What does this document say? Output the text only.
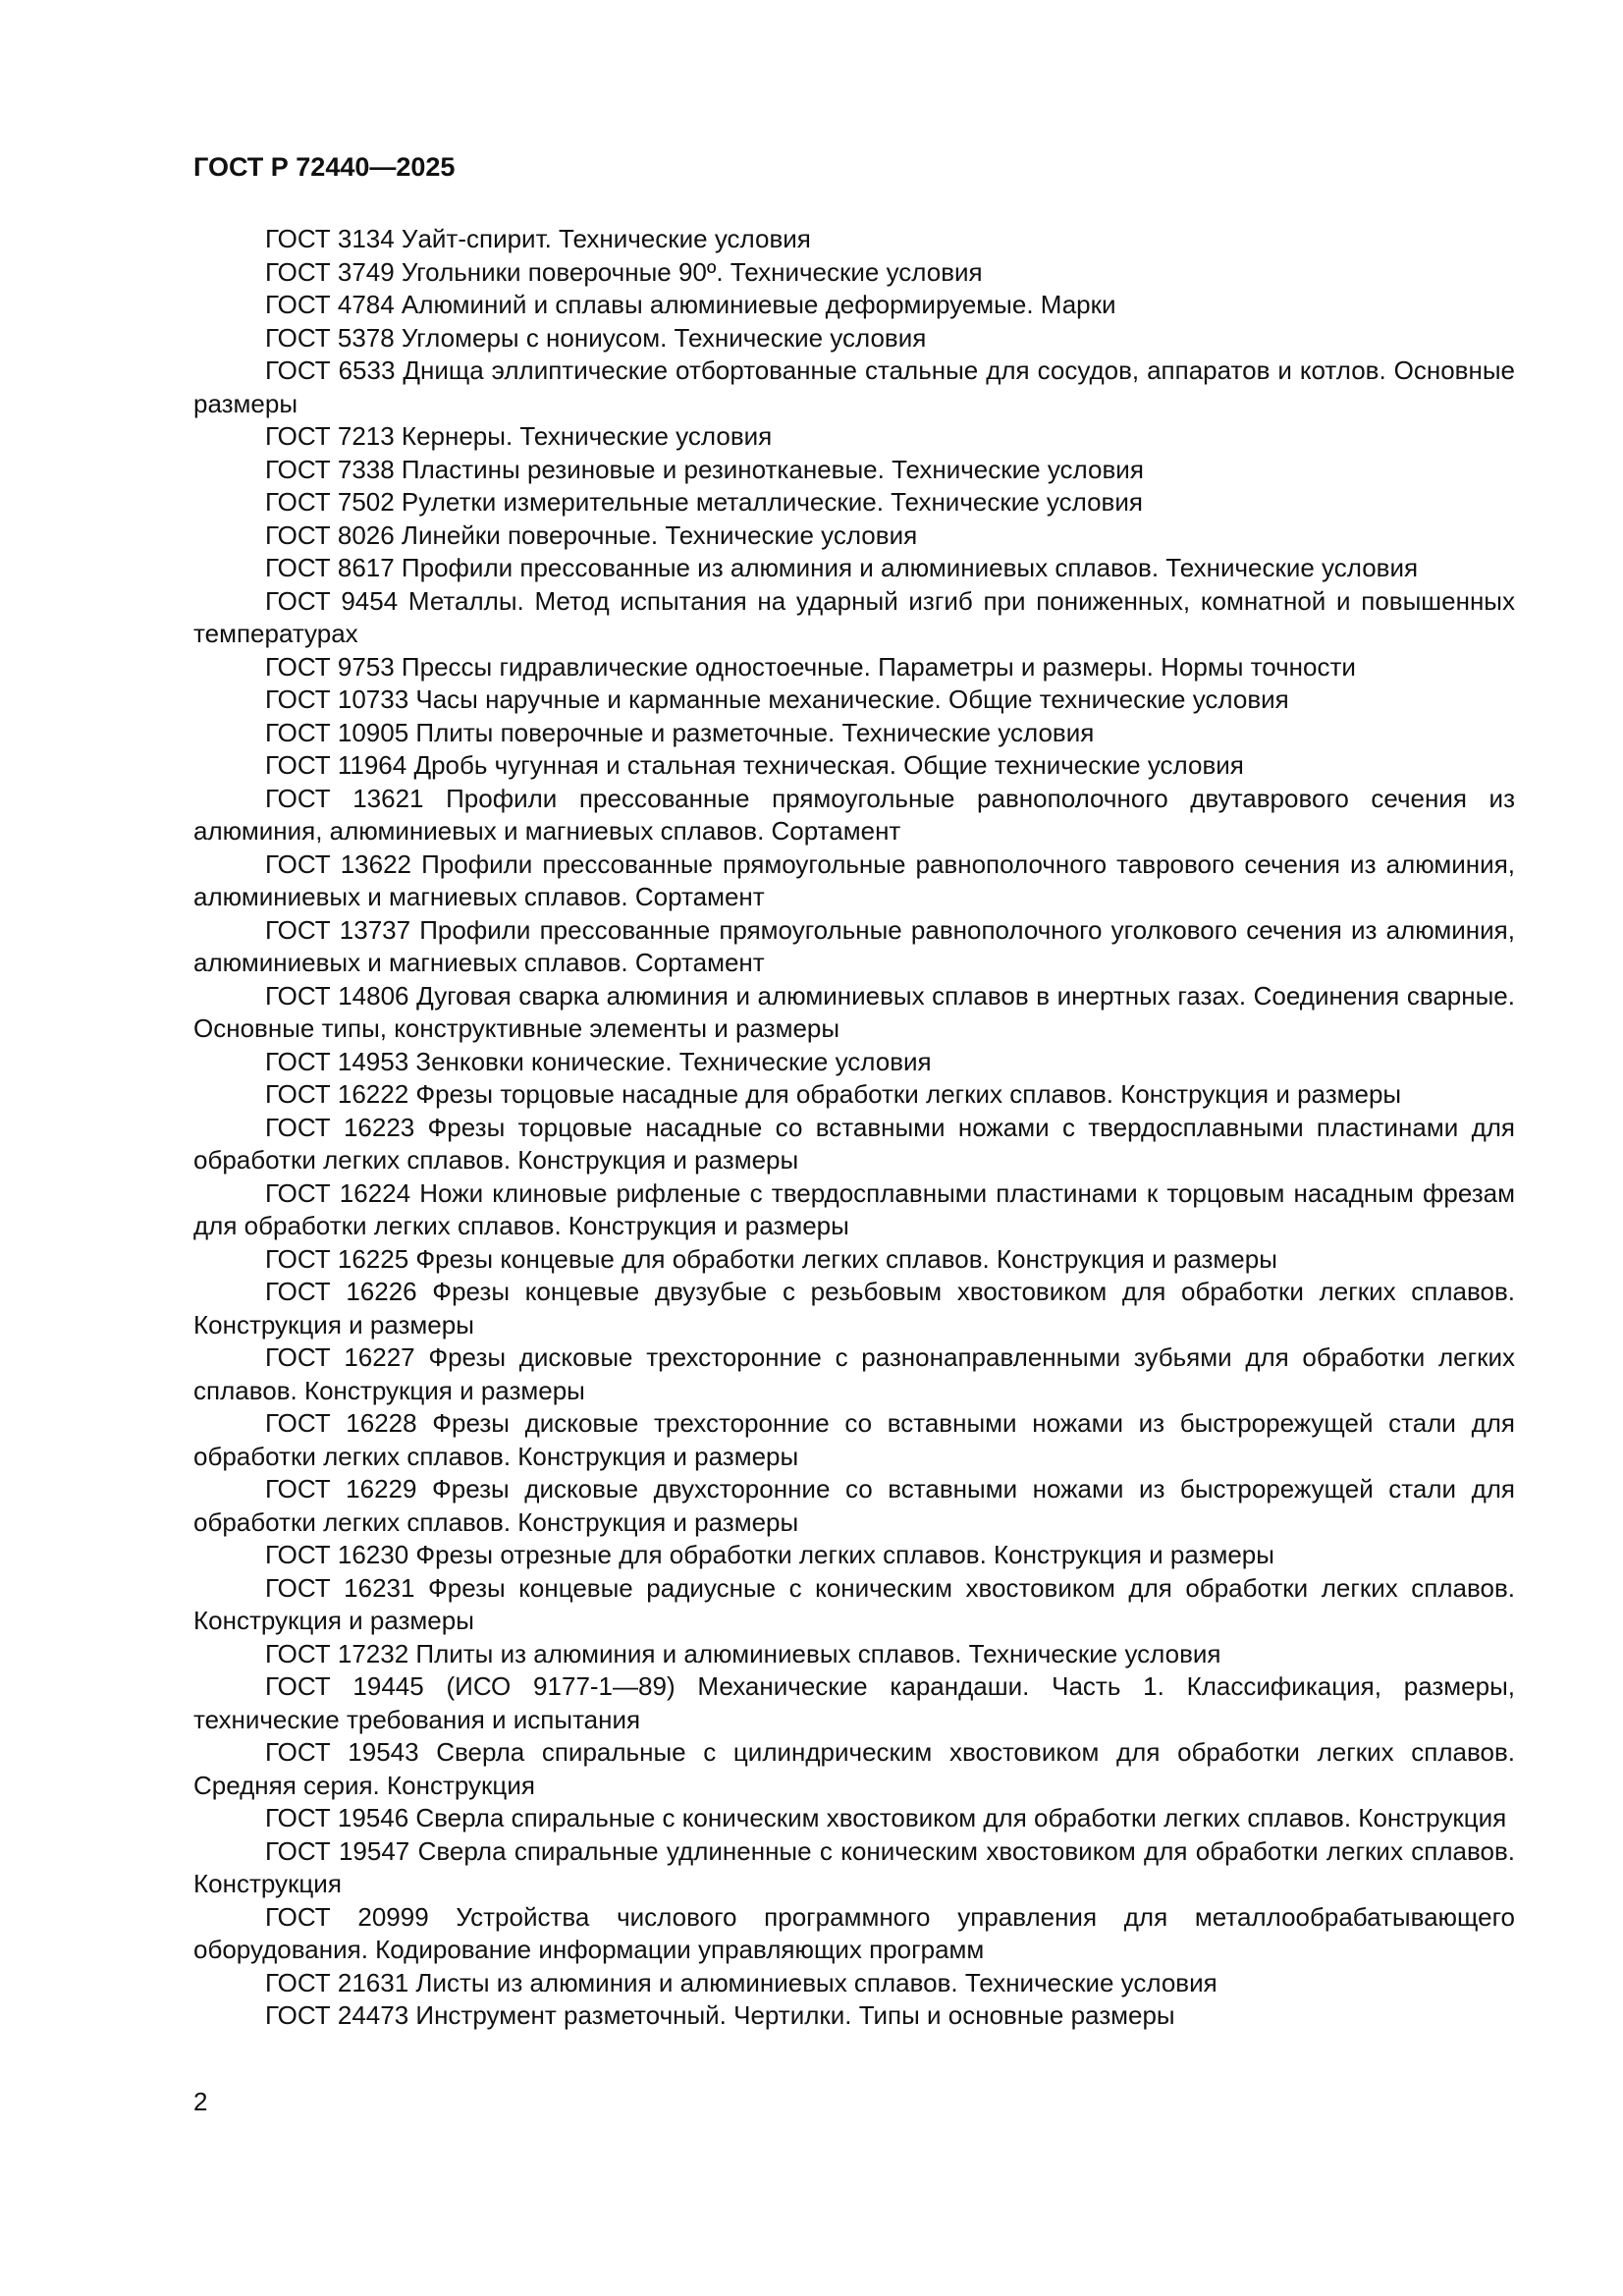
ГОСТ Р 72440—2025

ГОСТ 3134 Уайт-спирит. Технические условия

ГОСТ 3749 Угольники поверочные 90º. Технические условия

ГОСТ 4784 Алюминий и сплавы алюминиевые деформируемые. Марки

ГОСТ 5378 Угломеры с нониусом. Технические условия

ГОСТ 6533 Днища эллиптические отбортованные стальные для сосудов, аппаратов и котлов. Основные размеры

ГОСТ 7213 Кернеры. Технические условия

ГОСТ 7338 Пластины резиновые и резинотканевые. Технические условия

ГОСТ 7502 Рулетки измерительные металлические. Технические условия

ГОСТ 8026 Линейки поверочные. Технические условия

ГОСТ 8617 Профили прессованные из алюминия и алюминиевых сплавов. Технические условия

ГОСТ 9454 Металлы. Метод испытания на ударный изгиб при пониженных, комнатной и повышенных температурах

ГОСТ 9753 Прессы гидравлические одностоечные. Параметры и размеры. Нормы точности

ГОСТ 10733 Часы наручные и карманные механические. Общие технические условия

ГОСТ 10905 Плиты поверочные и разметочные. Технические условия

ГОСТ 11964 Дробь чугунная и стальная техническая. Общие технические условия

ГОСТ 13621 Профили прессованные прямоугольные равнополочного двутаврового сечения из алюминия, алюминиевых и магниевых сплавов. Сортамент

ГОСТ 13622 Профили прессованные прямоугольные равнополочного таврового сечения из алюминия, алюминиевых и магниевых сплавов. Сортамент

ГОСТ 13737 Профили прессованные прямоугольные равнополочного уголкового сечения из алюминия, алюминиевых и магниевых сплавов. Сортамент

ГОСТ 14806 Дуговая сварка алюминия и алюминиевых сплавов в инертных газах. Соединения сварные. Основные типы, конструктивные элементы и размеры

ГОСТ 14953 Зенковки конические. Технические условия

ГОСТ 16222 Фрезы торцовые насадные для обработки легких сплавов. Конструкция и размеры

ГОСТ 16223 Фрезы торцовые насадные со вставными ножами с твердосплавными пластинами для обработки легких сплавов. Конструкция и размеры

ГОСТ 16224 Ножи клиновые рифленые с твердосплавными пластинами к торцовым насадным фрезам для обработки легких сплавов. Конструкция и размеры

ГОСТ 16225 Фрезы концевые для обработки легких сплавов. Конструкция и размеры

ГОСТ 16226 Фрезы концевые двузубые с резьбовым хвостовиком для обработки легких сплавов. Конструкция и размеры

ГОСТ 16227 Фрезы дисковые трехсторонние с разнонаправленными зубьями для обработки легких сплавов. Конструкция и размеры

ГОСТ 16228 Фрезы дисковые трехсторонние со вставными ножами из быстрорежущей стали для обработки легких сплавов. Конструкция и размеры

ГОСТ 16229 Фрезы дисковые двухсторонние со вставными ножами из быстрорежущей стали для обработки легких сплавов. Конструкция и размеры

ГОСТ 16230 Фрезы отрезные для обработки легких сплавов. Конструкция и размеры

ГОСТ 16231 Фрезы концевые радиусные с коническим хвостовиком для обработки легких сплавов. Конструкция и размеры

ГОСТ 17232 Плиты из алюминия и алюминиевых сплавов. Технические условия

ГОСТ 19445 (ИСО 9177-1—89) Механические карандаши. Часть 1. Классификация, размеры, технические требования и испытания

ГОСТ 19543 Сверла спиральные с цилиндрическим хвостовиком для обработки легких сплавов. Средняя серия. Конструкция

ГОСТ 19546 Сверла спиральные с коническим хвостовиком для обработки легких сплавов. Конструкция

ГОСТ 19547 Сверла спиральные удлиненные с коническим хвостовиком для обработки легких сплавов. Конструкция

ГОСТ 20999 Устройства числового программного управления для металлообрабатывающего оборудования. Кодирование информации управляющих программ

ГОСТ 21631 Листы из алюминия и алюминиевых сплавов. Технические условия

ГОСТ 24473 Инструмент разметочный. Чертилки. Типы и основные размеры

2
